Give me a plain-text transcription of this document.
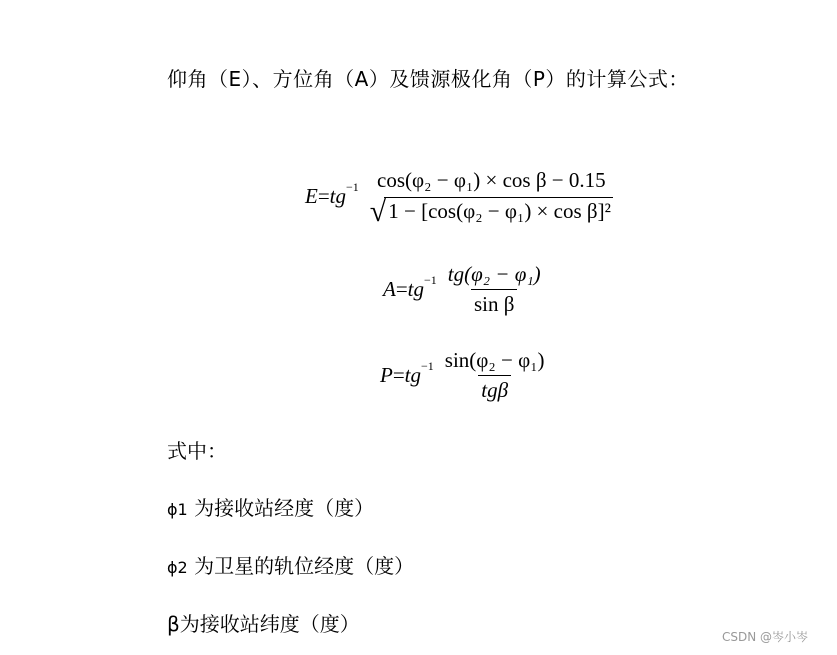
仰角（E）、方位角（A）及馈源极化角（P）的计算公式：
E = tg −1 cos(φ₂ − φ₁) × cos β − 0.15
√ 1 − [cos(φ₂ − φ₁) × cos β]²
A = tg $-1 \frac{\text{tg(φ₂ − φ₁)}}{\text{sin β}}$
P = tg $-1 \frac{\text{sin(φ₂ − φ₁)}}{\text{tgβ}}$
式中：
ϕ1 为接收站经度（度）
ϕ2 为卫星的轨位经度（度）
β为接收站纬度（度）
CSDN @岑小岑
